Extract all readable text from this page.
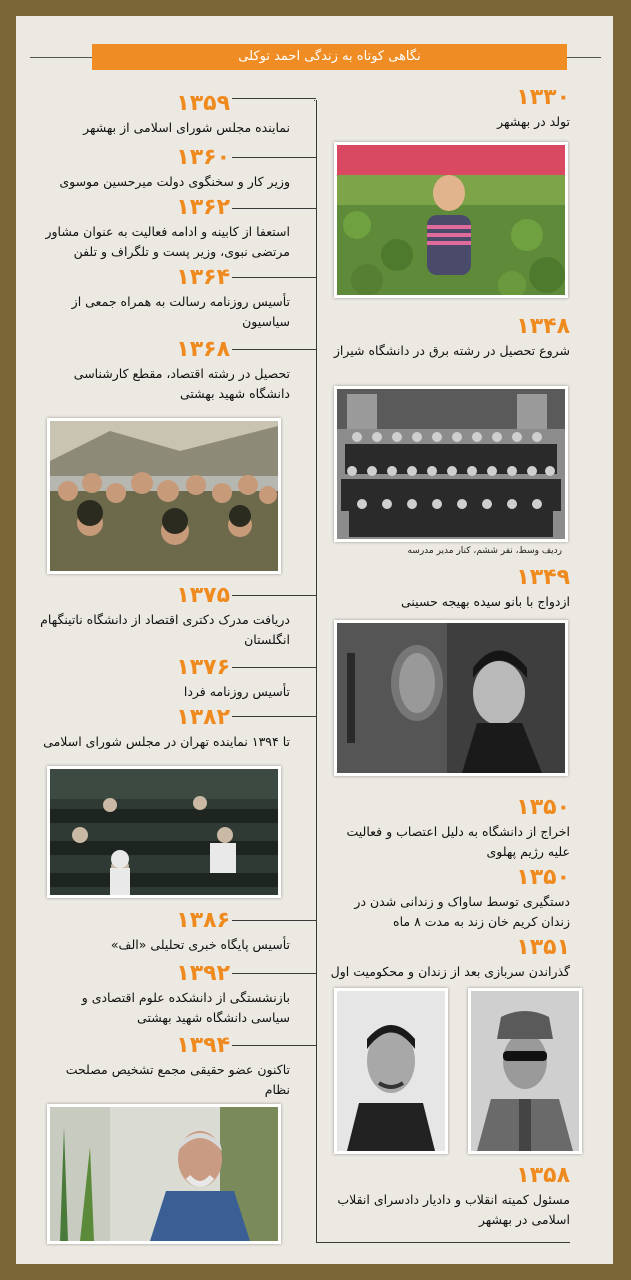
نگاهی کوتاه به زندگی احمد توکلی
۱۳۳۰
تولد در بهشهر
۱۳۴۸
شروع تحصیل در رشته برق در دانشگاه شیراز
ردیف وسط، نفر ششم، کنار مدیر مدرسه
۱۳۴۹
ازدواج با بانو سیده بهیجه حسینی
۱۳۵۰
اخراج از دانشگاه به دلیل اعتصاب و فعالیت علیه رژیم پهلوی
۱۳۵۰
دستگیری توسط ساواک و زندانی شدن در زندان کریم خان زند به مدت ۸ ماه
۱۳۵۱
گذراندن سربازی بعد از زندان و محکومیت اول
۱۳۵۸
مسئول کمیته انقلاب و دادیار دادسرای انقلاب اسلامی در بهشهر
۱۳۵۹
نماینده مجلس شورای اسلامی از بهشهر
۱۳۶۰
وزیر کار و سخنگوی دولت میرحسین موسوی
۱۳۶۲
استعفا از کابینه و ادامه فعالیت به عنوان مشاور مرتضی نبوی، وزیر پست و تلگراف و تلفن
۱۳۶۴
تأسیس روزنامه رسالت به همراه جمعی از سیاسیون
۱۳۶۸
تحصیل در رشته اقتصاد، مقطع کارشناسی دانشگاه شهید بهشتی
۱۳۷۵
دریافت مدرک دکتری اقتصاد از دانشگاه ناتینگهام انگلستان
۱۳۷۶
تأسیس روزنامه فردا
۱۳۸۲
تا ۱۳۹۴ نماینده تهران در مجلس شورای اسلامی
۱۳۸۶
تأسیس پایگاه خبری تحلیلی «الف»
۱۳۹۲
بازنشستگی از دانشکده علوم اقتصادی و سیاسی دانشگاه شهید بهشتی
۱۳۹۴
تاکنون عضو حقیقی مجمع تشخیص مصلحت نظام
